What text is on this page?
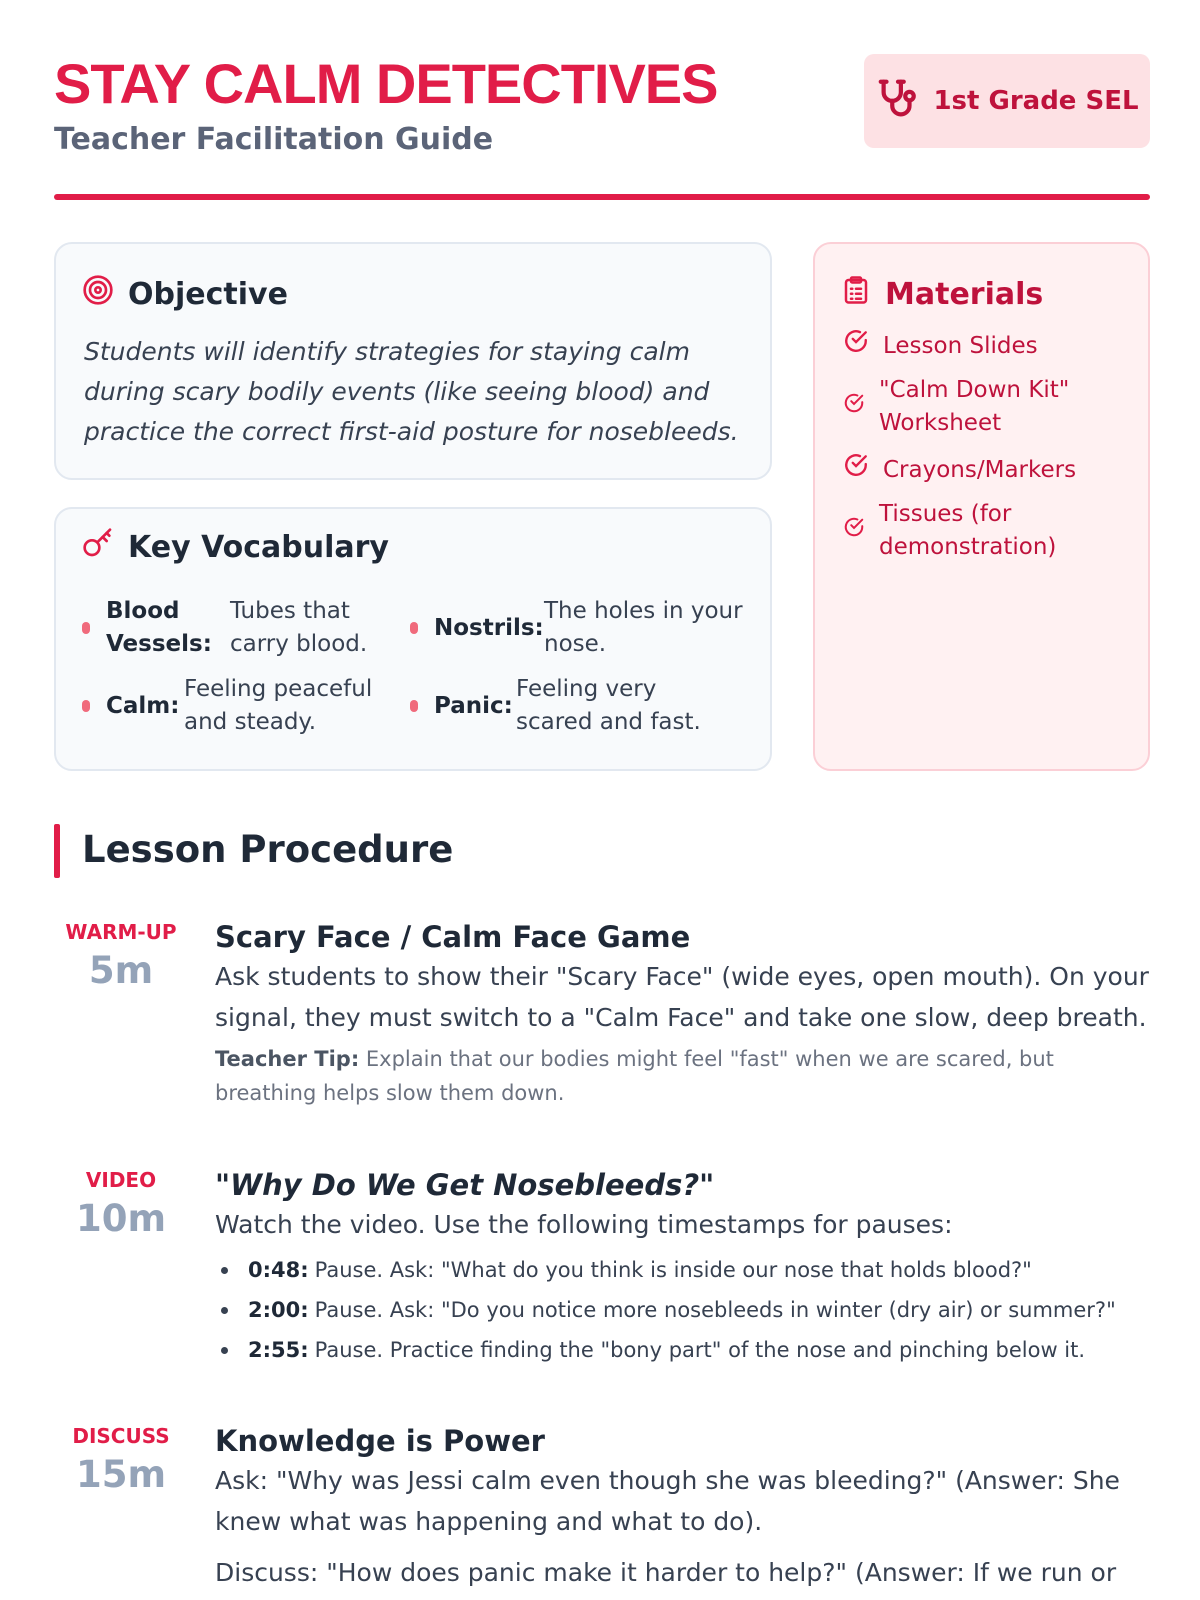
STAY CALM DETECTIVES
Teacher Facilitation Guide
1st Grade SEL
Objective
Students will identify strategies for staying calm during scary bodily events (like seeing blood) and practice the correct first-aid posture for nosebleeds.
Key Vocabulary
Blood Vessels:
Tubes that carry blood.
Nostrils:
The holes in your nose.
Calm:
Feeling peaceful and steady.
Panic:
Feeling very scared and fast.
Materials
Lesson Slides
"Calm Down Kit" Worksheet
Crayons/Markers
Tissues (for demonstration)
Lesson Procedure
WARM-UP
5m
Scary Face / Calm Face Game
Ask students to show their "Scary Face" (wide eyes, open mouth). On your signal, they must switch to a "Calm Face" and take one slow, deep breath.
Teacher Tip: Explain that our bodies might feel "fast" when we are scared, but breathing helps slow them down.
VIDEO
10m
"Why Do We Get Nosebleeds?"
Watch the video. Use the following timestamps for pauses:
0:48: Pause. Ask: "What do you think is inside our nose that holds blood?"
2:00: Pause. Ask: "Do you notice more nosebleeds in winter (dry air) or summer?"
2:55: Pause. Practice finding the "bony part" of the nose and pinching below it.
DISCUSS
15m
Knowledge is Power
Ask: "Why was Jessi calm even though she was bleeding?" (Answer: She knew what was happening and what to do).
Discuss: "How does panic make it harder to help?" (Answer: If we run or
